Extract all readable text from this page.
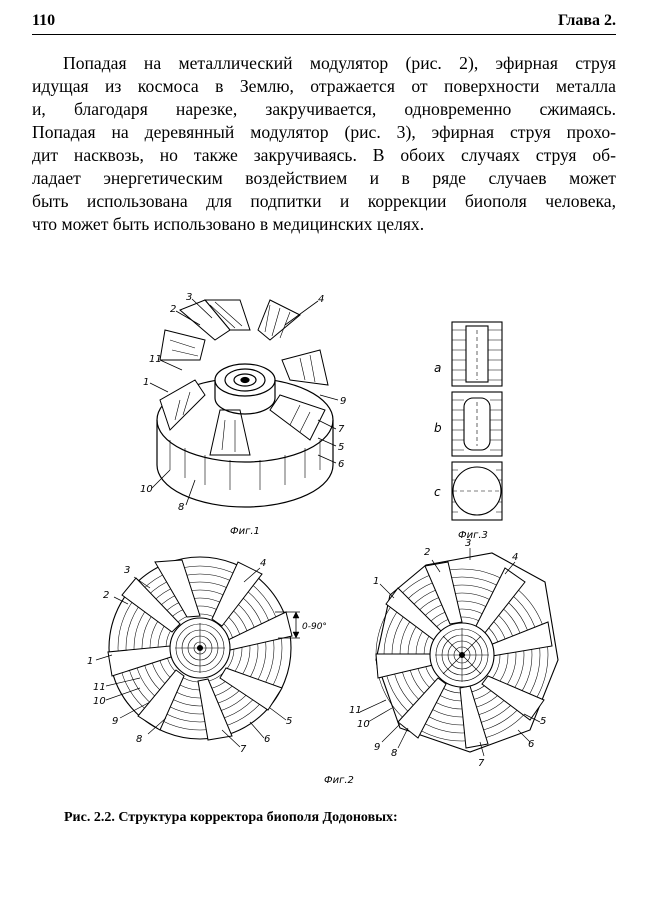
110	Глава 2.

Попадая на металлический модулятор (рис. 2), эфирная струя
идущая из космоса в Землю, отражается от поверхности металла
и, благодаря нарезке, закручивается, одновременно сжимаясь.
Попадая на деревянный модулятор (рис. 3), эфирная струя прохо-
дит насквозь, но также закручиваясь. В обоих случаях струя об-
ладает энергетическим воздействием и в ряде случаев может
быть использована для подпитки и коррекции биополя человека,
что может быть использовано в медицинских целях.

2
3	4
11
1
9
7
5
6
10
8
Фиг.1
a
b
c
Фиг.3
3
2
4
1
11
10
9
8
7
6
5
0-90°
2
3
4
1
11
10
9
8
7
6
5
Фиг.2

Рис. 2.2. Структура корректора биополя Додоновых:
